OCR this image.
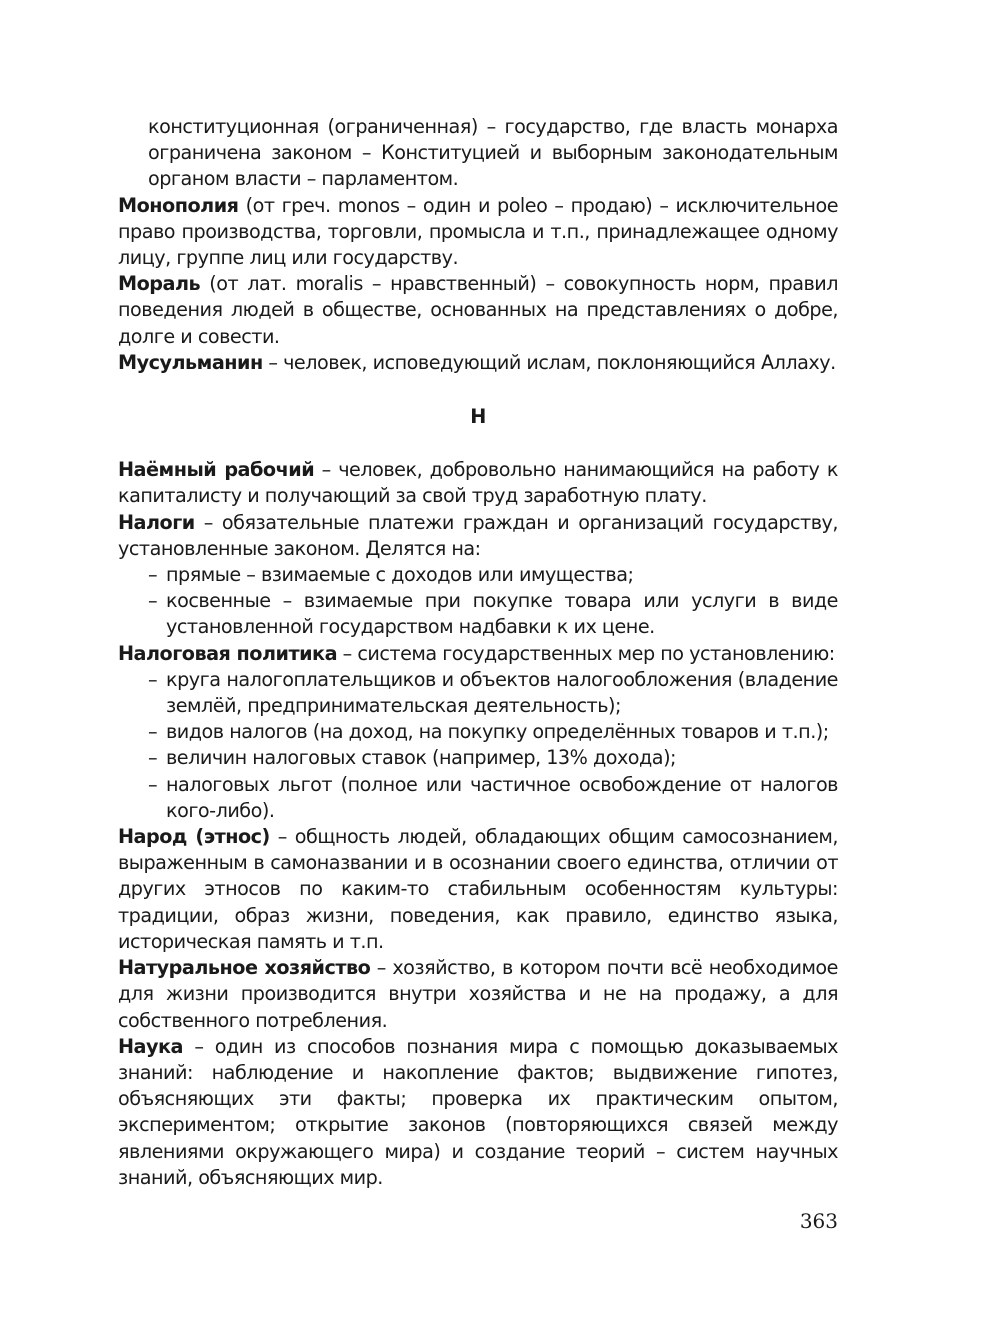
конституционная (ограниченная) – государство, где власть монарха ограничена законом – Конституцией и выборным законодательным органом власти – парламентом.

Монополия (от греч. monos – один и poleo – продаю) – исключительное право производства, торговли, промысла и т.п., принадлежащее одному лицу, группе лиц или государству.

Мораль (от лат. moralis – нравственный) – совокупность норм, правил поведения людей в обществе, основанных на представлениях о добре, долге и совести.

Мусульманин – человек, исповедующий ислам, поклоняющийся Аллаху.

Н

Наёмный рабочий – человек, добровольно нанимающийся на работу к капиталисту и получающий за свой труд заработную плату.

Налоги – обязательные платежи граждан и организаций государству, установленные законом. Делятся на:

– прямые – взимаемые с доходов или имущества;
– косвенные – взимаемые при покупке товара или услуги в виде установленной государством надбавки к их цене.

Налоговая политика – система государственных мер по установлению:

– круга налогоплательщиков и объектов налогообложения (владение землёй, предпринимательская деятельность);
– видов налогов (на доход, на покупку определённых товаров и т.п.);
– величин налоговых ставок (например, 13% дохода);
– налоговых льгот (полное или частичное освобождение от налогов кого-либо).

Народ (этнос) – общность людей, обладающих общим самосознанием, выраженным в самоназвании и в осознании своего единства, отличии от других этносов по каким-то стабильным особенностям культуры: традиции, образ жизни, поведения, как правило, единство языка, историческая память и т.п.

Натуральное хозяйство – хозяйство, в котором почти всё необходимое для жизни производится внутри хозяйства и не на продажу, а для собственного потребления.

Наука – один из способов познания мира с помощью доказываемых знаний: наблюдение и накопление фактов; выдвижение гипотез, объясняющих эти факты; проверка их практическим опытом, экспериментом; открытие законов (повторяющихся связей между явлениями окружающего мира) и создание теорий – систем научных знаний, объясняющих мир.

363
